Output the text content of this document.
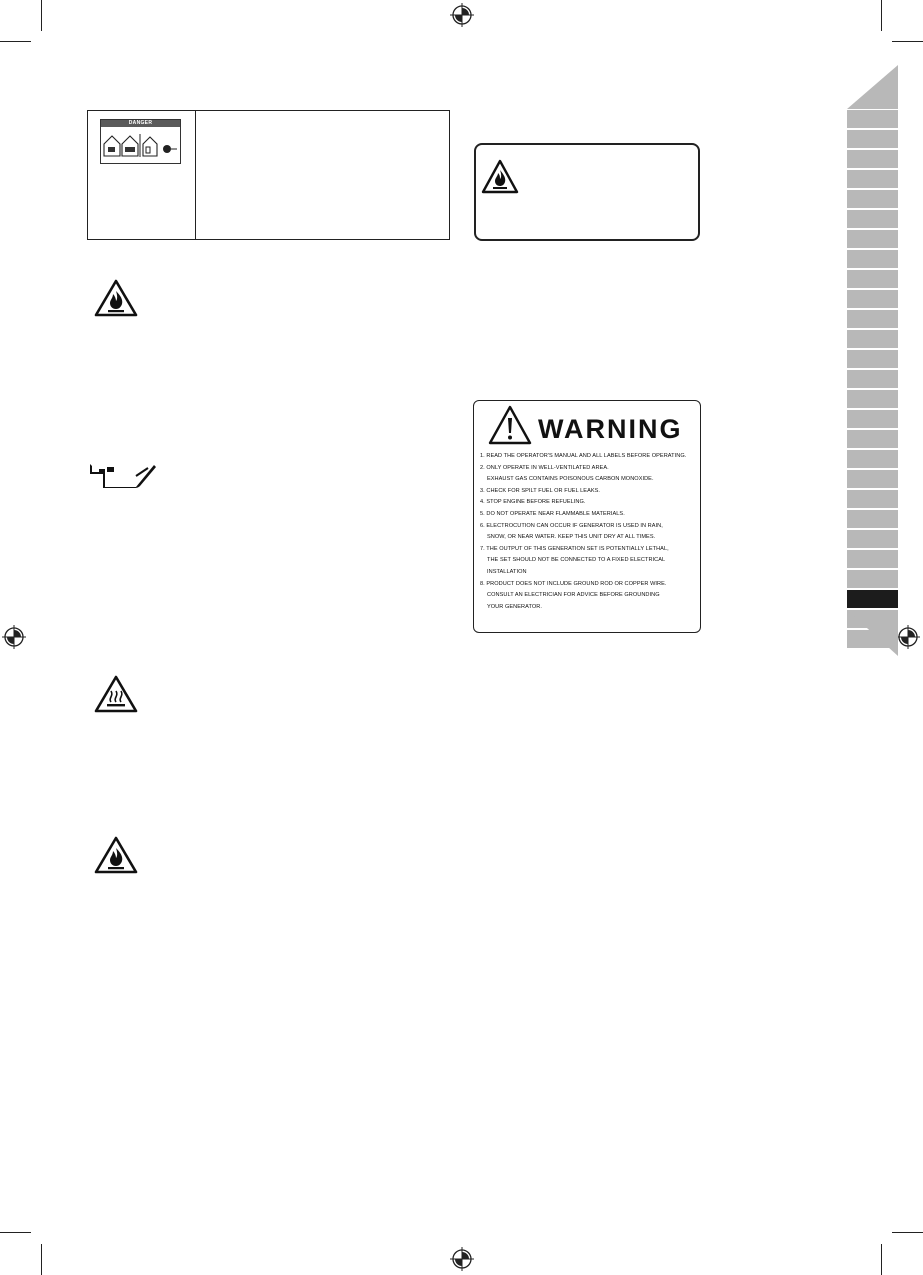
DANGER
WARNING
1. READ THE OPERATOR'S MANUAL AND ALL LABELS BEFORE OPERATING.
2. ONLY OPERATE IN WELL-VENTILATED AREA.
EXHAUST GAS CONTAINS POISONOUS CARBON MONOXIDE.
3. CHECK FOR SPILT FUEL OR FUEL LEAKS.
4. STOP ENGINE BEFORE REFUELING.
5. DO NOT OPERATE NEAR FLAMMABLE MATERIALS.
6. ELECTROCUTION CAN OCCUR IF GENERATOR IS USED IN RAIN,
SNOW, OR NEAR WATER. KEEP THIS UNIT DRY AT ALL TIMES.
7. THE OUTPUT OF THIS GENERATION SET IS POTENTIALLY LETHAL,
THE SET SHOULD NOT BE CONNECTED TO A FIXED ELECTRICAL
INSTALLATION
8. PRODUCT DOES NOT INCLUDE GROUND ROD OR COPPER WIRE.
CONSULT AN ELECTRICIAN FOR ADVICE BEFORE GROUNDING
YOUR GENERATOR.
